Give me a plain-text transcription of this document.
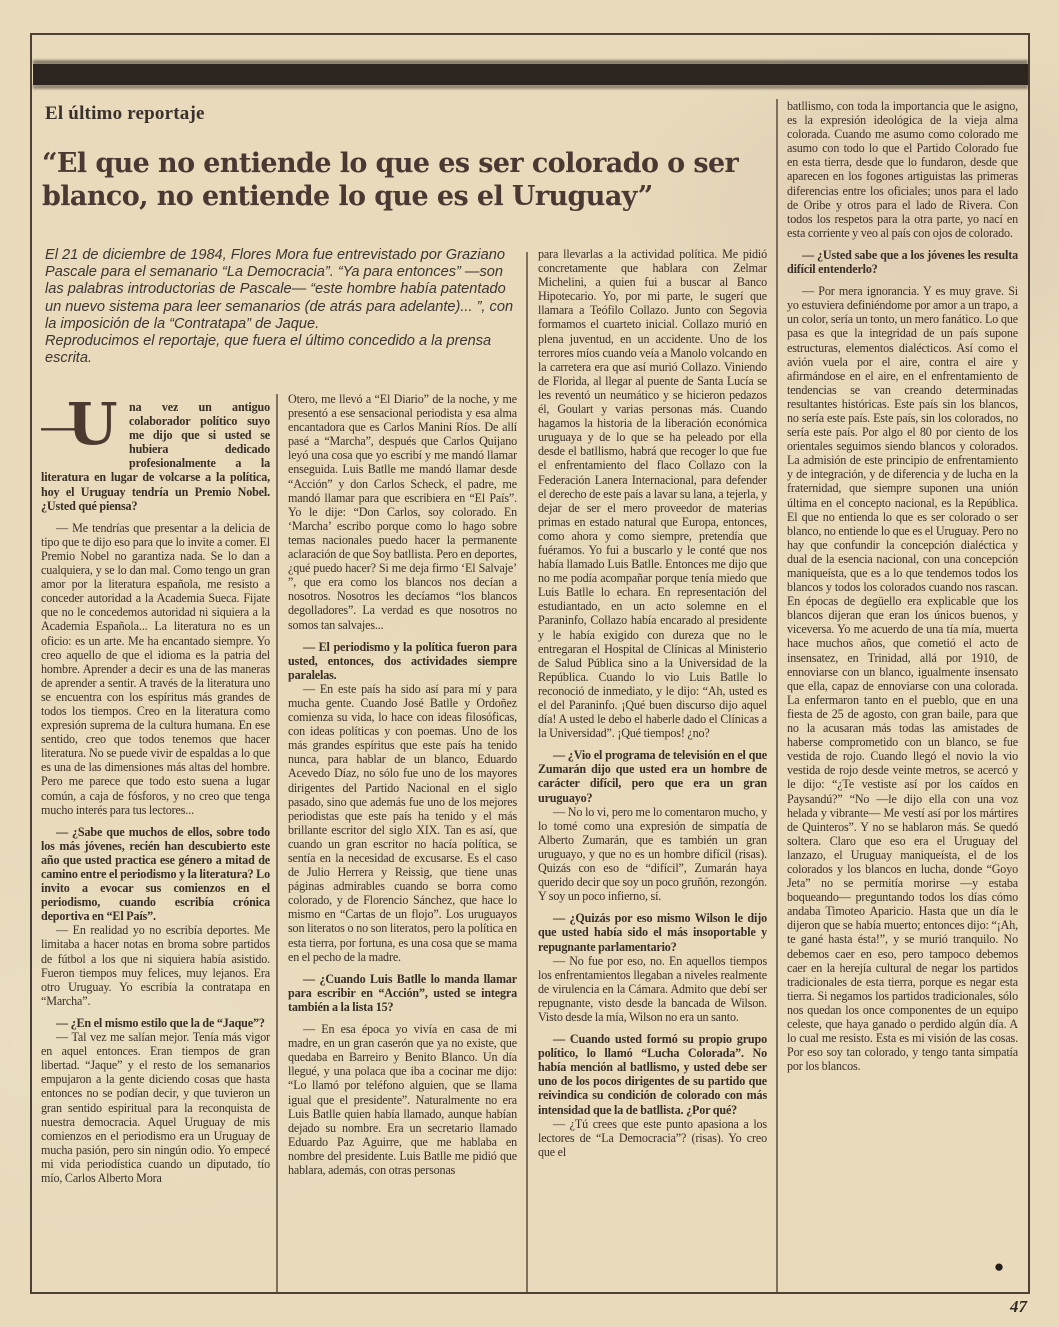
El último reportaje
“El que no entiende lo que es ser colorado o ser blanco, no entiende lo que es el Uruguay”

El 21 de diciembre de 1984, Flores Mora fue entrevistado por Graziano Pascale para el semanario “La Democracia”. “Ya para entonces” —son las palabras introductorias de Pascale— “este hombre había patentado un nuevo sistema para leer semanarios (de atrás para adelante)... ”, con la imposición de la “Contratapa” de Jaque.

Reproducimos el reportaje, que fuera el último concedido a la prensa escrita.

—
U na vez un antiguo colaborador político suyo me dijo que si usted se hubiera dedicado profesionalmente a la literatura en lugar de volcarse a la política, hoy el Uruguay tendría un Premio Nobel. ¿Usted qué piensa?

— Me tendrías que presentar a la delicia de tipo que te dijo eso para que lo invite a comer. El Premio Nobel no garantiza nada. Se lo dan a cualquiera, y se lo dan mal. Como tengo un gran amor por la literatura española, me resisto a conceder autoridad a la Academia Sueca. Fijate que no le concedemos autoridad ni siquiera a la Academia Española... La literatura no es un oficio: es un arte. Me ha encantado siempre. Yo creo aquello de que el idioma es la patria del hombre. Aprender a decir es una de las maneras de aprender a sentir. A través de la literatura uno se encuentra con los espíritus más grandes de todos los tiempos. Creo en la literatura como expresión suprema de la cultura humana. En ese sentido, creo que todos tenemos que hacer literatura. No se puede vivir de espaldas a lo que es una de las dimensiones más altas del hombre. Pero me parece que todo esto suena a lugar común, a caja de fósforos, y no creo que tenga mucho interés para tus lectores...

— ¿Sabe que muchos de ellos, sobre todo los más jóvenes, recién han descubierto este año que usted practica ese género a mitad de camino entre el periodismo y la literatura? Lo invito a evocar sus comienzos en el periodismo, cuando escribía crónica deportiva en “El País”.

— En realidad yo no escribía deportes. Me limitaba a hacer notas en broma sobre partidos de fútbol a los que ni siquiera había asistido. Fueron tiempos muy felices, muy lejanos. Era otro Uruguay. Yo escribía la contratapa en “Marcha”.

— ¿En el mismo estilo que la de “Jaque”?

— Tal vez me salían mejor. Tenía más vigor en aquel entonces. Eran tiempos de gran libertad. “Jaque” y el resto de los semanarios empujaron a la gente diciendo cosas que hasta entonces no se podían decir, y que tuvieron un gran sentido espiritual para la reconquista de nuestra democracia. Aquel Uruguay de mis comienzos en el periodismo era un Uruguay de mucha pasión, pero sin ningún odio. Yo empecé mi vida periodística cuando un diputado, tío mío, Carlos Alberto Mora

Otero, me llevó a “El Diario” de la noche, y me presentó a ese sensacional periodista y esa alma encantadora que es Carlos Manini Ríos. De allí pasé a “Marcha”, después que Carlos Quijano leyó una cosa que yo escribí y me mandó llamar enseguida. Luis Batlle me mandó llamar desde “Acción” y don Carlos Scheck, el padre, me mandó llamar para que escribiera en “El País”. Yo le dije: “Don Carlos, soy colorado. En ‘Marcha’ escribo porque como lo hago sobre temas nacionales puedo hacer la permanente aclaración de que Soy batllista. Pero en deportes, ¿qué puedo hacer? Si me deja firmo ‘El Salvaje’ ”, que era como los blancos nos decían a nosotros. Nosotros les decíamos “los blancos degolladores”. La verdad es que nosotros no somos tan salvajes...

— El periodismo y la política fueron para usted, entonces, dos actividades siempre paralelas.

— En este país ha sido así para mí y para mucha gente. Cuando José Batlle y Ordoñez comienza su vida, lo hace con ideas filosóficas, con ideas políticas y con poemas. Uno de los más grandes espíritus que este país ha tenido nunca, para hablar de un blanco, Eduardo Acevedo Díaz, no sólo fue uno de los mayores dirigentes del Partido Nacional en el siglo pasado, sino que además fue uno de los mejores periodistas que este país ha tenido y el más brillante escritor del siglo XIX. Tan es así, que cuando un gran escritor no hacía política, se sentía en la necesidad de excusarse. Es el caso de Julio Herrera y Reissig, que tiene unas páginas admirables cuando se borra como colorado, y de Florencio Sánchez, que hace lo mismo en “Cartas de un flojo”. Los uruguayos son literatos o no son literatos, pero la política en esta tierra, por fortuna, es una cosa que se mama en el pecho de la madre.

— ¿Cuando Luis Batlle lo manda llamar para escribir en “Acción”, usted se integra también a la lista 15?

— En esa época yo vivía en casa de mi madre, en un gran caserón que ya no existe, que quedaba en Barreiro y Benito Blanco. Un día llegué, y una polaca que iba a cocinar me dijo: “Lo llamó por teléfono alguien, que se llama igual que el presidente”. Naturalmente no era Luis Batlle quien había llamado, aunque habían dejado su nombre. Era un secretario llamado Eduardo Paz Aguirre, que me hablaba en nombre del presidente. Luis Batlle me pidió que hablara, además, con otras personas

para llevarlas a la actividad política. Me pidió concretamente que hablara con Zelmar Michelini, a quien fui a buscar al Banco Hipotecario. Yo, por mi parte, le sugerí que llamara a Teófilo Collazo. Junto con Segovia formamos el cuarteto inicial. Collazo murió en plena juventud, en un accidente. Uno de los terrores míos cuando veía a Manolo volcando en la carretera era que así murió Collazo. Viniendo de Florida, al llegar al puente de Santa Lucía se les reventó un neumático y se hicieron pedazos él, Goulart y varias personas más. Cuando hagamos la historia de la liberación económica uruguaya y de lo que se ha peleado por ella desde el batllismo, habrá que recoger lo que fue el enfrentamiento del flaco Collazo con la Federación Lanera Internacional, para defender el derecho de este país a lavar su lana, a tejerla, y dejar de ser el mero proveedor de materias primas en estado natural que Europa, entonces, como ahora y como siempre, pretendía que fuéramos. Yo fui a buscarlo y le conté que nos había llamado Luis Batlle. Entonces me dijo que no me podía acompañar porque tenía miedo que Luis Batlle lo echara. En representación del estudiantado, en un acto solemne en el Paraninfo, Collazo había encarado al presidente y le había exigido con dureza que no le entregaran el Hospital de Clínicas al Ministerio de Salud Pública sino a la Universidad de la República. Cuando lo vio Luis Batlle lo reconoció de inmediato, y le dijo: “Ah, usted es el del Paraninfo. ¡Qué buen discurso dijo aquel día! A usted le debo el haberle dado el Clínicas a la Universidad”. ¡Qué tiempos! ¿no?

— ¿Vio el programa de televisión en el que Zumarán dijo que usted era un hombre de carácter difícil, pero que era un gran uruguayo?

— No lo vi, pero me lo comentaron mucho, y lo tomé como una expresión de simpatía de Alberto Zumarán, que es también un gran uruguayo, y que no es un hombre difícil (risas). Quizás con eso de “difícil”, Zumarán haya querido decir que soy un poco gruñón, rezongón. Y soy un poco infierno, sí.

— ¿Quizás por eso mismo Wilson le dijo que usted había sido el más insoportable y repugnante parlamentario?

— No fue por eso, no. En aquellos tiempos los enfrentamientos llegaban a niveles realmente de virulencia en la Cámara. Admito que debí ser repugnante, visto desde la bancada de Wilson. Visto desde la mía, Wilson no era un santo.

— Cuando usted formó su propio grupo político, lo llamó “Lucha Colorada”. No había mención al batllismo, y usted debe ser uno de los pocos dirigentes de su partido que reivindica su condición de colorado con más intensidad que la de batllista. ¿Por qué?

— ¿Tú crees que este punto apasiona a los lectores de “La Democracia”? (risas). Yo creo que el

batllismo, con toda la importancia que le asigno, es la expresión ideológica de la vieja alma colorada. Cuando me asumo como colorado me asumo con todo lo que el Partido Colorado fue en esta tierra, desde que lo fundaron, desde que aparecen en los fogones artiguistas las primeras diferencias entre los oficiales; unos para el lado de Oribe y otros para el lado de Rivera. Con todos los respetos para la otra parte, yo nací en esta corriente y veo al país con ojos de colorado.

— ¿Usted sabe que a los jóvenes les resulta difícil entenderlo?

— Por mera ignorancia. Y es muy grave. Si yo estuviera definiéndome por amor a un trapo, a un color, sería un tonto, un mero fanático. Lo que pasa es que la integridad de un país supone estructuras, elementos dialécticos. Así como el avión vuela por el aire, contra el aire y afirmándose en el aire, en el enfrentamiento de tendencias se van creando determinadas resultantes históricas. Este país sin los blancos, no sería este país. Este país, sin los colorados, no sería este país. Por algo el 80 por ciento de los orientales seguimos siendo blancos y colorados. La admisión de este principio de enfrentamiento y de integración, y de diferencia y de lucha en la fraternidad, que siempre suponen una unión última en el concepto nacional, es la República. El que no entienda lo que es ser colorado o ser blanco, no entiende lo que es el Uruguay. Pero no hay que confundir la concepción dialéctica y dual de la esencia nacional, con una concepción maniqueísta, que es a lo que tendemos todos los blancos y todos los colorados cuando nos rascan. En épocas de degüello era explicable que los blancos dijeran que eran los únicos buenos, y viceversa. Yo me acuerdo de una tía mía, muerta hace muchos años, que cometió el acto de insensatez, en Trinidad, allá por 1910, de ennoviarse con un blanco, igualmente insensato que ella, capaz de ennoviarse con una colorada. La enfermaron tanto en el pueblo, que en una fiesta de 25 de agosto, con gran baile, para que no la acusaran más todas las amistades de haberse comprometido con un blanco, se fue vestida de rojo. Cuando llegó el novio la vio vestida de rojo desde veinte metros, se acercó y le dijo: “¿Te vestiste así por los caídos en Paysandú?” “No —le dijo ella con una voz helada y vibrante— Me vestí así por los mártires de Quinteros”. Y no se hablaron más. Se quedó soltera. Claro que eso era el Uruguay del lanzazo, el Uruguay maniqueísta, el de los colorados y los blancos en lucha, donde “Goyo Jeta” no se permitía morirse —y estaba boqueando— preguntando todos los días cómo andaba Timoteo Aparicio. Hasta que un día le dijeron que se había muerto; entonces dijo: “¡Ah, te gané hasta ésta!”, y se murió tranquilo. No debemos caer en eso, pero tampoco debemos caer en la herejía cultural de negar los partidos tradicionales de esta tierra, porque es negar esta tierra. Si negamos los partidos tradicionales, sólo nos quedan los once componentes de un equipo celeste, que haya ganado o perdido algún día. A lo cual me resisto. Esta es mi visión de las cosas. Por eso soy tan colorado, y tengo tanta simpatía por los blancos.

●
47
